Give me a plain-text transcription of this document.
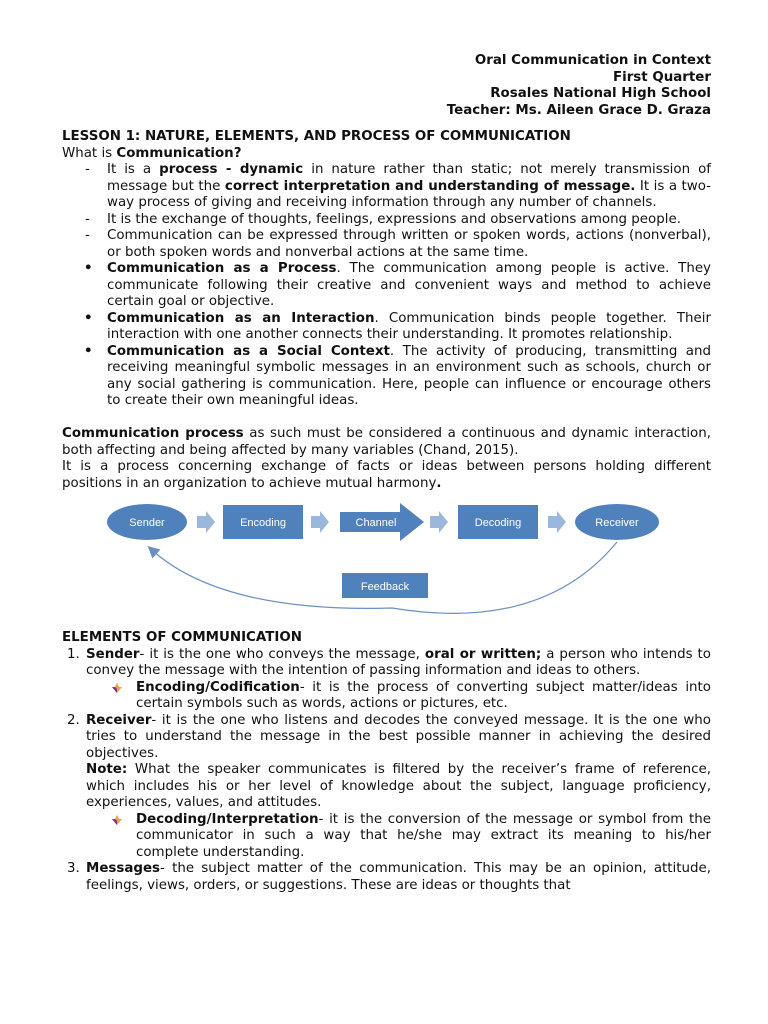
Oral Communication in Context
First Quarter
Rosales National High School
Teacher: Ms. Aileen Grace D. Graza

LESSON 1: NATURE, ELEMENTS, AND PROCESS OF COMMUNICATION

What is Communication?

- It is a process - dynamic in nature rather than static; not merely transmission of message but the correct interpretation and understanding of message. It is a two-way process of giving and receiving information through any number of channels.
- It is the exchange of thoughts, feelings, expressions and observations among people.
- Communication can be expressed through written or spoken words, actions (nonverbal), or both spoken words and nonverbal actions at the same time.
• Communication as a Process. The communication among people is active. They communicate following their creative and convenient ways and method to achieve certain goal or objective.
• Communication as an Interaction. Communication binds people together. Their interaction with one another connects their understanding. It promotes relationship.
• Communication as a Social Context. The activity of producing, transmitting and receiving meaningful symbolic messages in an environment such as schools, church or any social gathering is communication. Here, people can influence or encourage others to create their own meaningful ideas.

Communication process as such must be considered a continuous and dynamic interaction, both affecting and being affected by many variables (Chand, 2015).

It is a process concerning exchange of facts or ideas between persons holding different positions in an organization to achieve mutual harmony.

Sender	Encoding	Channel	Decoding	Receiver
Feedback

ELEMENTS OF COMMUNICATION

1. Sender- it is the one who conveys the message, oral or written; a person who intends to convey the message with the intention of passing information and ideas to others.
Encoding/Codification- it is the process of converting subject matter/ideas into certain symbols such as words, actions or pictures, etc.
2. Receiver- it is the one who listens and decodes the conveyed message. It is the one who tries to understand the message in the best possible manner in achieving the desired objectives.
Note: What the speaker communicates is filtered by the receiver’s frame of reference, which includes his or her level of knowledge about the subject, language proficiency, experiences, values, and attitudes.
Decoding/Interpretation- it is the conversion of the message or symbol from the communicator in such a way that he/she may extract its meaning to his/her complete understanding.
3. Messages- the subject matter of the communication. This may be an opinion, attitude, feelings, views, orders, or suggestions. These are ideas or thoughts that
